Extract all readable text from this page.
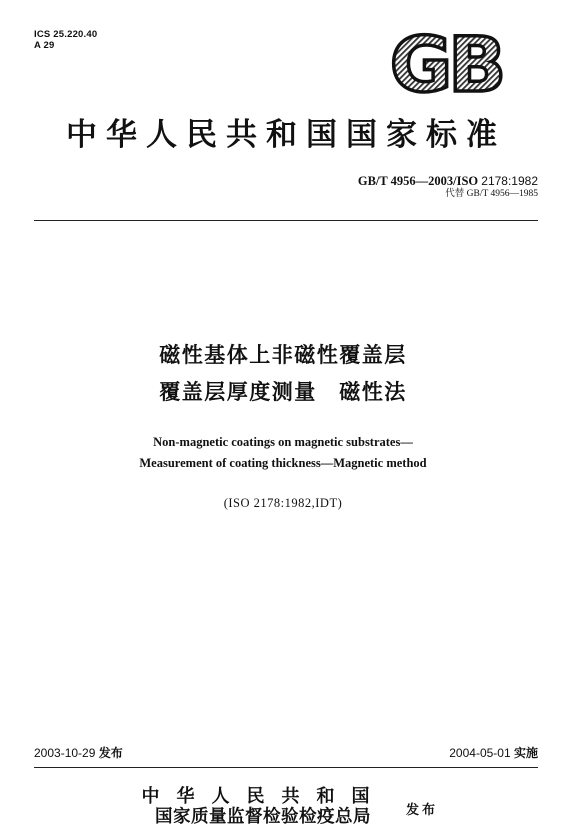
ICS 25.220.40
A 29	GB
中华人民共和国国家标准
GB/T 4956—2003/ISO 2178:1982
代替 GB/T 4956—1985
磁性基体上非磁性覆盖层
覆盖层厚度测量　磁性法
Non-magnetic coatings on magnetic substrates—
Measurement of coating thickness—Magnetic method
(ISO 2178:1982,IDT)
2003-10-29 发布	2004-05-01 实施
中华人民共和国
国家质量监督检验检疫总局	发布
